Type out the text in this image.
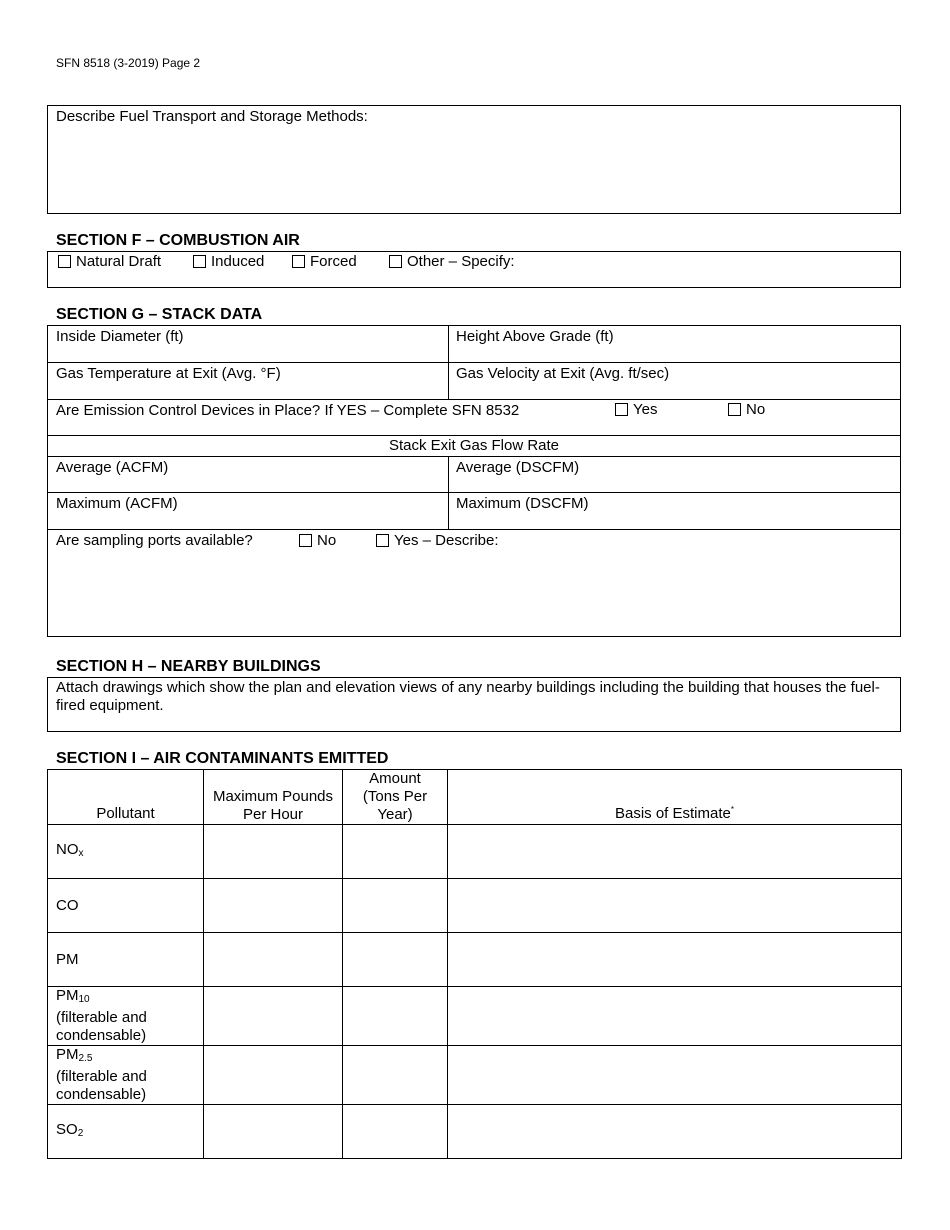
SFN 8518 (3-2019) Page 2
Describe Fuel Transport and Storage Methods:
SECTION F – COMBUSTION AIR
Natural Draft	Induced	Forced	Other – Specify:
SECTION G – STACK DATA
Inside Diameter (ft)	Height Above Grade (ft)
Gas Temperature at Exit (Avg. °F)	Gas Velocity at Exit (Avg. ft/sec)
Are Emission Control Devices in Place? If YES – Complete SFN 8532	Yes	No
Stack Exit Gas Flow Rate
Average (ACFM)	Average (DSCFM)
Maximum (ACFM)	Maximum (DSCFM)
Are sampling ports available?	No	Yes – Describe:
SECTION H – NEARBY BUILDINGS
Attach drawings which show the plan and elevation views of any nearby buildings including the building that houses the fuel-fired equipment.
SECTION I – AIR CONTAMINANTS EMITTED
Pollutant	Maximum Pounds Per Hour	Amount (Tons Per Year)	Basis of Estimate*
$NO_x$			
CO			
PM			
$PM_{10}$
(filterable and condensable)			
$PM_{2.5}$
(filterable and condensable)			
$SO_2$			
